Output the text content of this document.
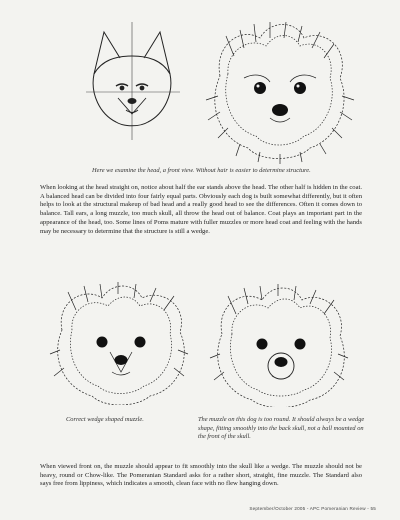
Here we examine the head, a front view. Without hair is easier to determine structure.
When looking at the head straight on, notice about half the ear stands above the head. The other half is hidden in the coat. A balanced head can be divided into four fairly equal parts. Obviously each dog is built somewhat differently, but it often helps to look at the structural makeup of bad head and a really good head to see the differences. Often it comes down to balance. Tall ears, a long muzzle, too much skull, all throw the head out of balance. Coat plays an important part in the appearance of the head, too. Some lines of Poms mature with fuller muzzles or more head coat and feeling with the hands may be necessary to determine that the structure is still a wedge.
Correct wedge shaped muzzle.	The muzzle on this dog is too round. It should always be a wedge shape, fitting smoothly into the back skull, not a ball mounted on the front of the skull.
When viewed front on, the muzzle should appear to fit smoothly into the skull like a wedge. The muzzle should not be heavy, round or Chow-like. The Pomeranian Standard asks for a rather short, straight, fine muzzle. The Standard also says free from lippiness, which indicates a smooth, clean face with no flew hanging down.
September/October 2005 - APC Pomeranian Review - 55
